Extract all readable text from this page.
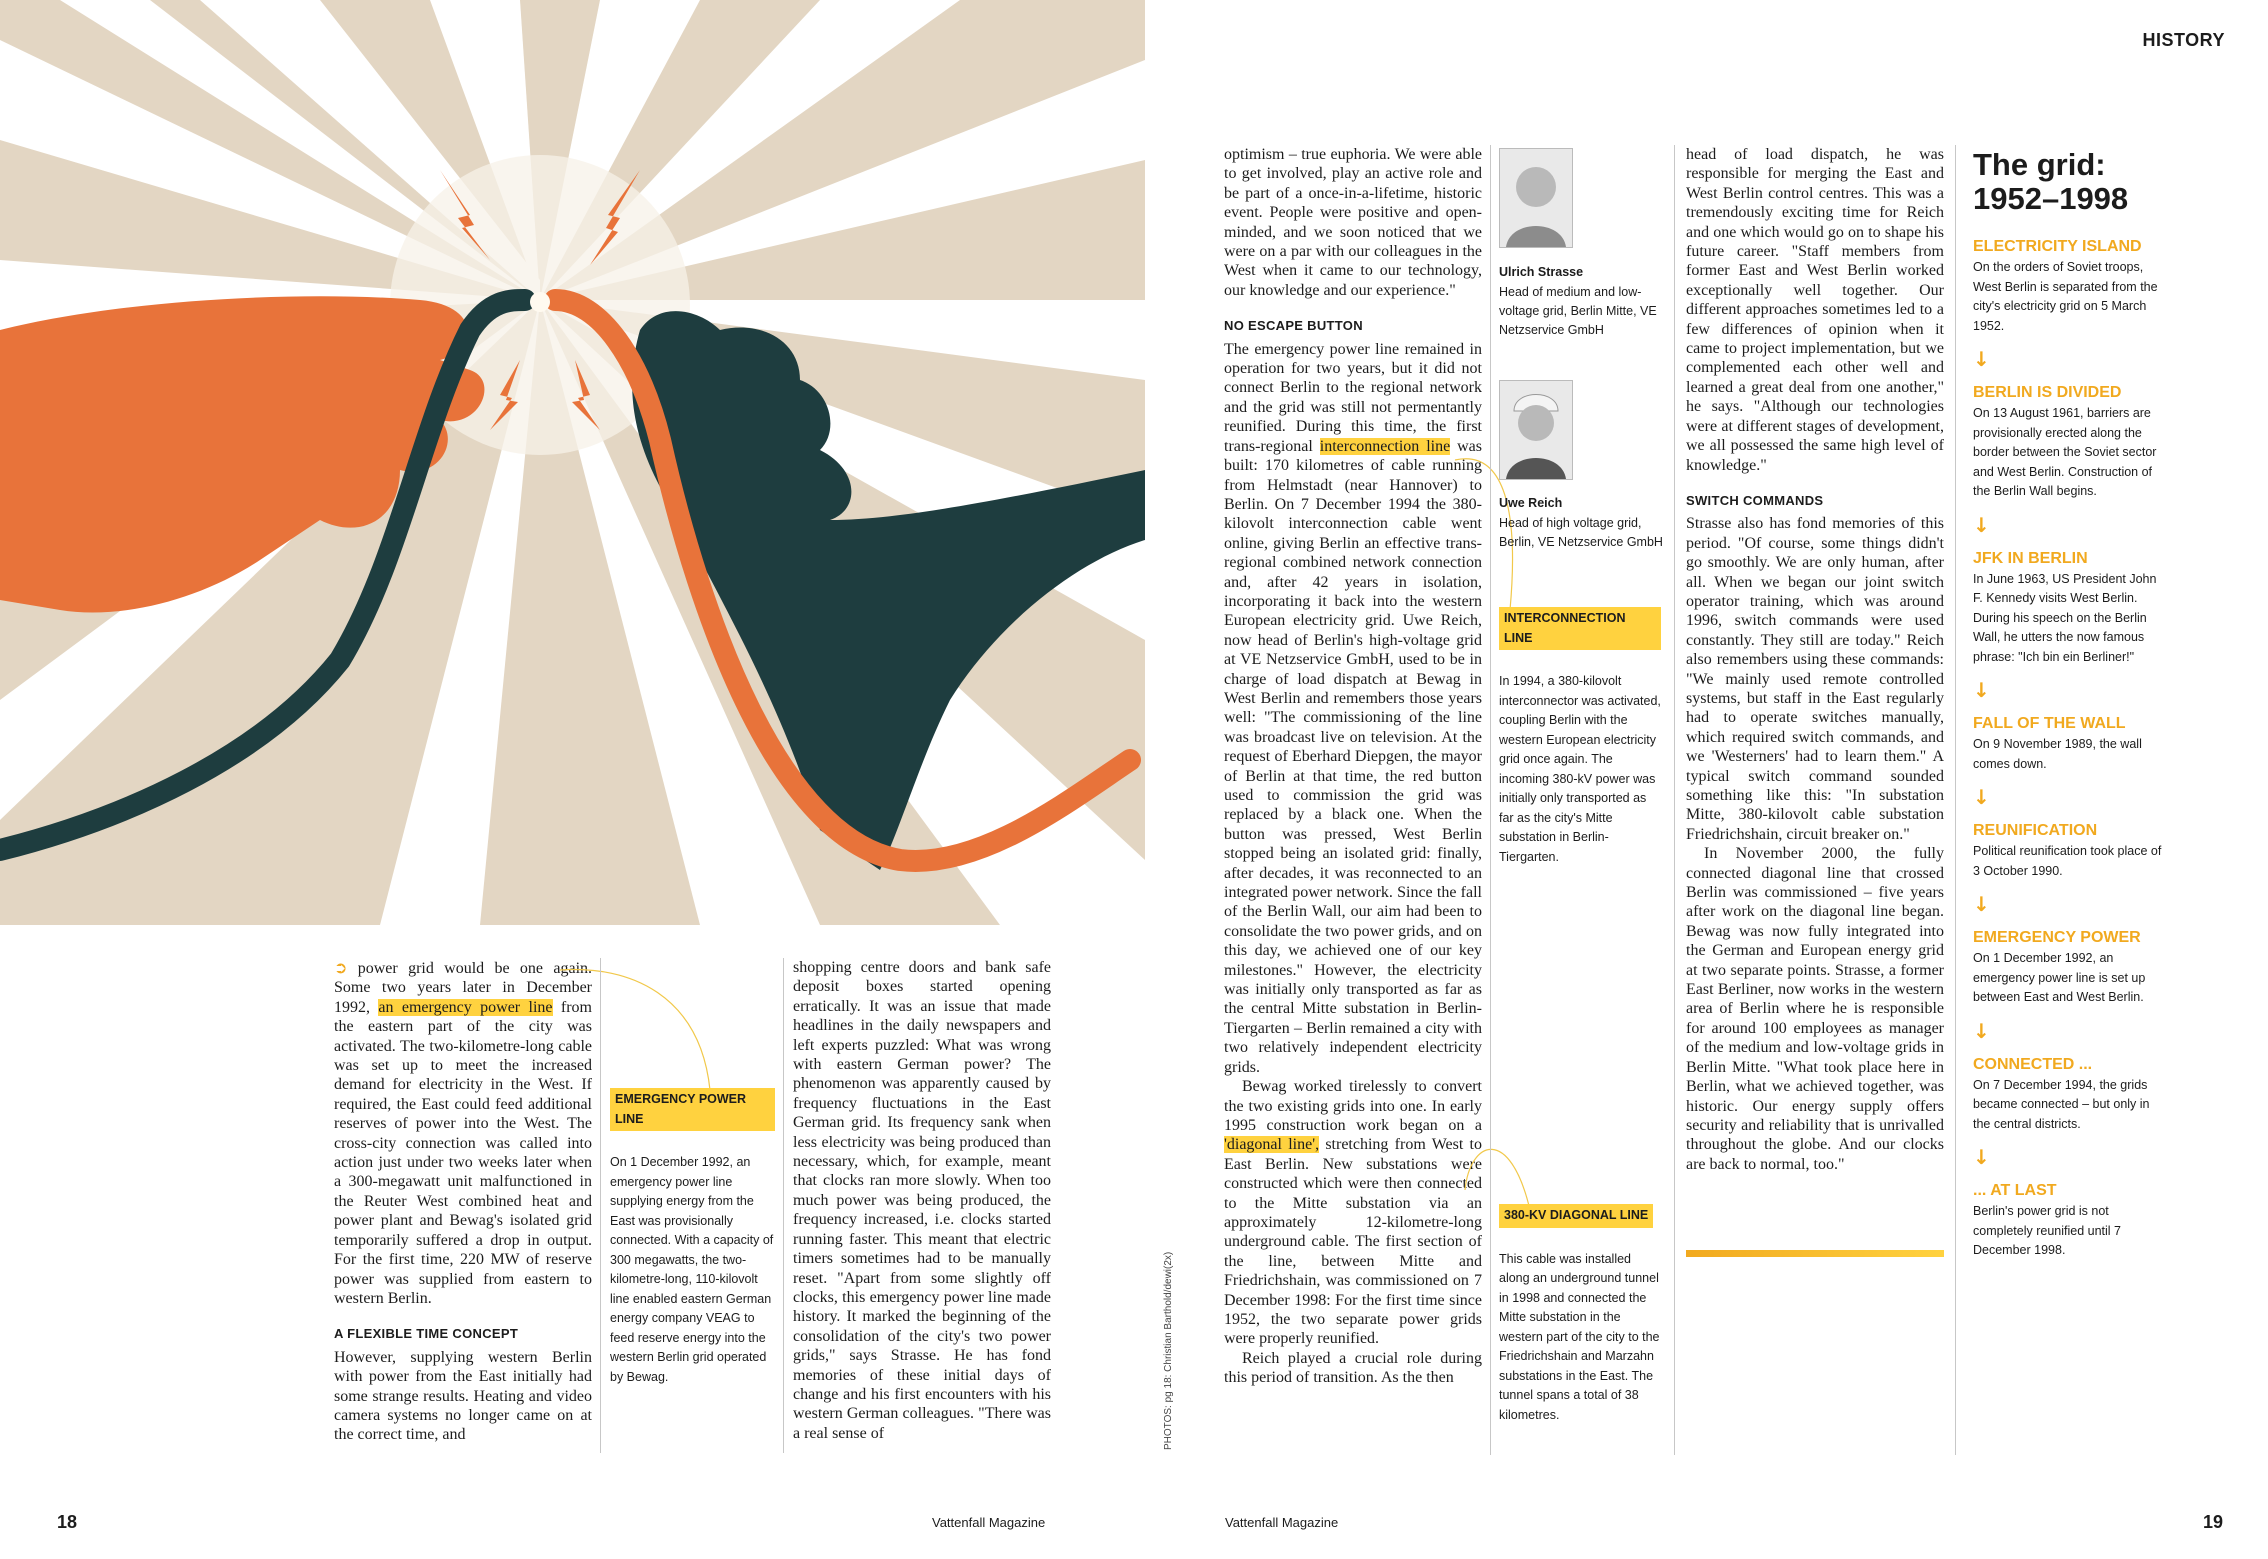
HISTORY

➲ power grid would be one again. Some two years later in December 1992, an emergency power line from the eastern part of the city was activated. The two-kilometre-long cable was set up to meet the increased demand for electricity in the West. If required, the East could feed additional reserves of power into the West. The cross-city connection was called into action just under two weeks later when a 300-megawatt unit malfunctioned in the Reuter West combined heat and power plant and Bewag's isolated grid temporarily suffered a drop in output. For the first time, 220 MW of reserve power was supplied from eastern to western Berlin.

A FLEXIBLE TIME CONCEPT

However, supplying western Berlin with power from the East initially had some strange results. Heating and video camera systems no longer came on at the correct time, and

EMERGENCY POWER LINE

On 1 December 1992, an emergency power line supplying energy from the East was provisionally connected. With a capacity of 300 megawatts, the two-kilometre-long, 110-kilovolt line enabled eastern German energy company VEAG to feed reserve energy into the western Berlin grid operated by Bewag.

shopping centre doors and bank safe deposit boxes started opening erratically. It was an issue that made headlines in the daily newspapers and left experts puzzled: What was wrong with eastern German power? The phenomenon was apparently caused by frequency fluctuations in the East German grid. Its frequency sank when less electricity was being produced than necessary, which, for example, meant that clocks ran more slowly. When too much power was being produced, the frequency increased, i.e. clocks started running faster. This meant that electric timers sometimes had to be manually reset. "Apart from some slightly off clocks, this emergency power line made history. It marked the beginning of the consolidation of the city's two power grids," says Strasse. He has fond memories of these initial days of change and his first encounters with his western German colleagues. "There was a real sense of	PHOTOS: pg 18: Christian Barthold/dewi(2x)

optimism – true euphoria. We were able to get involved, play an active role and be part of a once-in-a-lifetime, historic event. People were positive and open-minded, and we soon noticed that we were on a par with our colleagues in the West when it came to our technology, our knowledge and our experience."

NO ESCAPE BUTTON

The emergency power line remained in operation for two years, but it did not connect Berlin to the regional network and the grid was still not permentantly reunified. During this time, the first trans-regional interconnection line was built: 170 kilometres of cable running from Helmstadt (near Hannover) to Berlin. On 7 December 1994 the 380-kilovolt interconnection cable went online, giving Berlin an effective trans-regional combined network connection and, after 42 years in isolation, incorporating it back into the western European electricity grid. Uwe Reich, now head of Berlin's high-voltage grid at VE Netzservice GmbH, used to be in charge of load dispatch at Bewag in West Berlin and remembers those years well: "The commissioning of the line was broadcast live on television. At the request of Eberhard Diepgen, the mayor of Berlin at that time, the red button used to commission the grid was replaced by a black one. When the button was pressed, West Berlin stopped being an isolated grid: finally, after decades, it was reconnected to an integrated power network. Since the fall of the Berlin Wall, our aim had been to consolidate the two power grids, and on this day, we achieved one of our key milestones." However, the electricity was initially only transported as far as the central Mitte substation in Berlin-Tiergarten – Berlin remained a city with two relatively independent electricity grids.

Bewag worked tirelessly to convert the two existing grids into one. In early 1995 construction work began on a 'diagonal line', stretching from West to East Berlin. New substations were constructed which were then connected to the Mitte substation via an approximately 12-kilometre-long underground cable. The first section of the line, between Mitte and Friedrichshain, was commissioned on 7 December 1998: For the first time since 1952, the two separate power grids were properly reunified.

Reich played a crucial role during this period of transition. As the then

Ulrich Strasse
Head of medium and low-voltage grid, Berlin Mitte, VE Netzservice GmbH
Uwe Reich
Head of high voltage grid, Berlin, VE Netzservice GmbH
INTERCONNECTION LINE

In 1994, a 380-kilovolt interconnector was activated, coupling Berlin with the western European electricity grid once again. The incoming 380-kV power was initially only transported as far as the city's Mitte substation in Berlin-Tiergarten.

380-KV DIAGONAL LINE

This cable was installed along an underground tunnel in 1998 and connected the Mitte substation in the western part of the city to the Friedrichshain and Marzahn substations in the East. The tunnel spans a total of 38 kilometres.

head of load dispatch, he was responsible for merging the East and West Berlin control centres. This was a tremendously exciting time for Reich and one which would go on to shape his future career. "Staff members from former East and West Berlin worked exceptionally well together. Our different approaches sometimes led to a few differences of opinion when it came to project implementation, but we complemented each other well and learned a great deal from one another," he says. "Although our technologies were at different stages of development, we all possessed the same high level of knowledge."

SWITCH COMMANDS

Strasse also has fond memories of this period. "Of course, some things didn't go smoothly. We are only human, after all. When we began our joint switch operator training, which was around 1996, switch commands were used constantly. They still are today." Reich also remembers using these commands: "We mainly used remote controlled systems, but staff in the East regularly had to operate switches manually, which required switch commands, and we 'Westerners' had to learn them." A typical switch command sounded something like this: "In substation Mitte, 380-kilovolt cable substation Friedrichshain, circuit breaker on."

In November 2000, the fully connected diagonal line that crossed Berlin was commissioned – five years after work on the diagonal line began. Bewag was now fully integrated into the German and European energy grid at two separate points. Strasse, a former East Berliner, now works in the western area of Berlin where he is responsible for around 100 employees as manager of the medium and low-voltage grids in Berlin Mitte. "What took place here in Berlin, what we achieved together, was historic. Our energy supply offers security and reliability that is unrivalled throughout the globe. And our clocks are back to normal, too."

The grid:
1952–1998

ELECTRICITY ISLAND

On the orders of Soviet troops, West Berlin is separated from the city's electricity grid on 5 March 1952.

↓

BERLIN IS DIVIDED

On 13 August 1961, barriers are provisionally erected along the border between the Soviet sector and West Berlin. Construction of the Berlin Wall begins.

↓

JFK IN BERLIN

In June 1963, US President John F. Kennedy visits West Berlin. During his speech on the Berlin Wall, he utters the now famous phrase: "Ich bin ein Berliner!"

↓

FALL OF THE WALL

On 9 November 1989, the wall comes down.

↓

REUNIFICATION

Political reunification took place of 3 October 1990.

↓

EMERGENCY POWER

On 1 December 1992, an emergency power line is set up between East and West Berlin.

↓

CONNECTED ...

On 7 December 1994, the grids became connected – but only in the central districts.

↓

... AT LAST

Berlin's power grid is not completely reunified until 7 December 1998.

18	Vattenfall Magazine	Vattenfall Magazine	19
